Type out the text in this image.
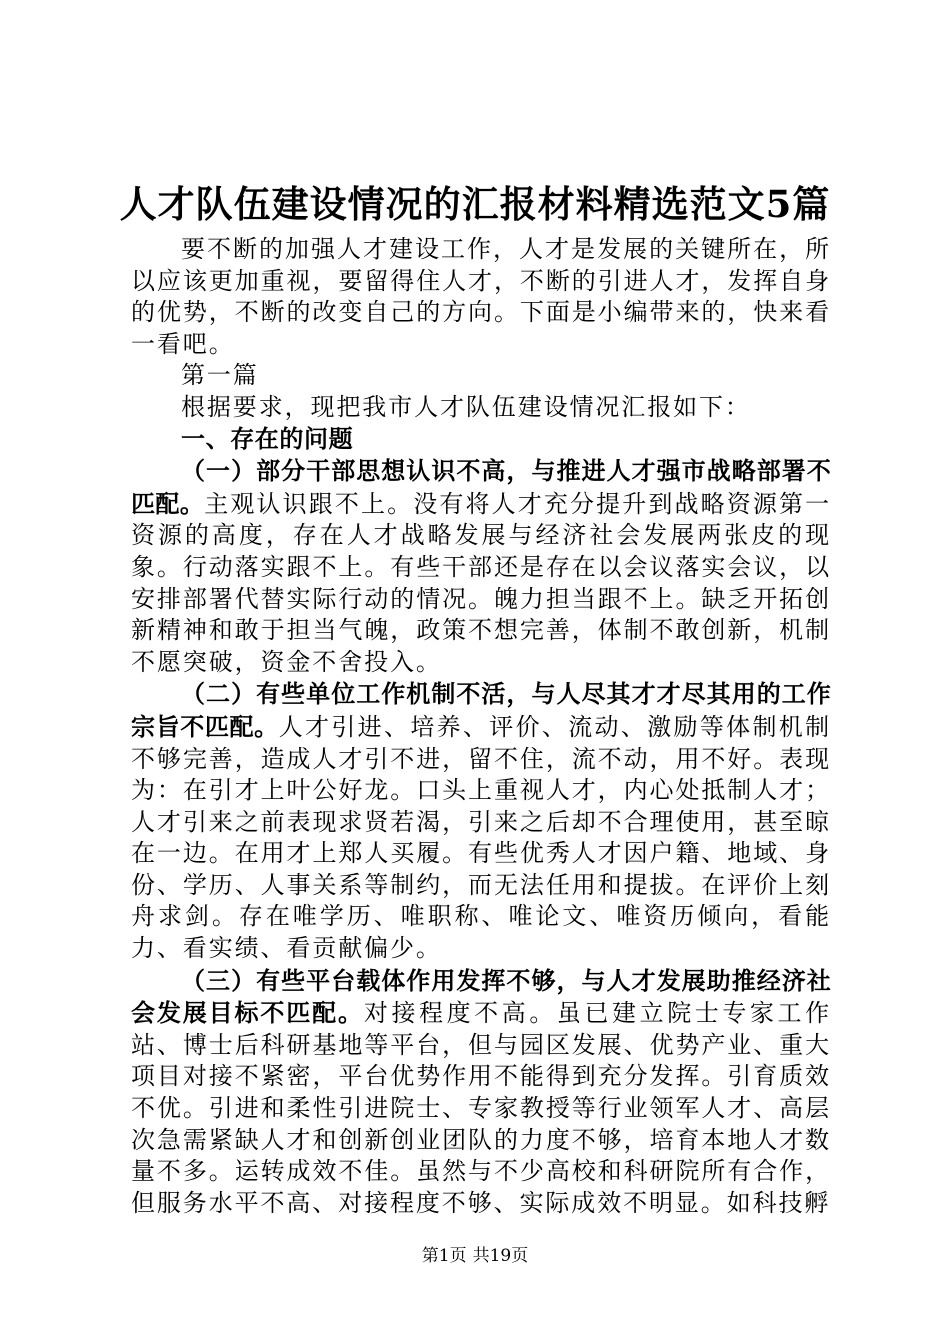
人才队伍建设情况的汇报材料精选范文5篇

要不断的加强人才建设工作，人才是发展的关键所在，所以应该更加重视，要留得住人才，不断的引进人才，发挥自身的优势，不断的改变自己的方向。下面是小编带来的，快来看一看吧。

第一篇

根据要求，现把我市人才队伍建设情况汇报如下：

一、存在的问题

（一）部分干部思想认识不高，与推进人才强市战略部署不匹配。主观认识跟不上。没有将人才充分提升到战略资源第一资源的高度，存在人才战略发展与经济社会发展两张皮的现象。行动落实跟不上。有些干部还是存在以会议落实会议，以安排部署代替实际行动的情况。魄力担当跟不上。缺乏开拓创新精神和敢于担当气魄，政策不想完善，体制不敢创新，机制不愿突破，资金不舍投入。

（二）有些单位工作机制不活，与人尽其才才尽其用的工作宗旨不匹配。人才引进、培养、评价、流动、激励等体制机制不够完善，造成人才引不进，留不住，流不动，用不好。表现为：在引才上叶公好龙。口头上重视人才，内心处抵制人才；人才引来之前表现求贤若渴，引来之后却不合理使用，甚至晾在一边。在用才上郑人买履。有些优秀人才因户籍、地域、身份、学历、人事关系等制约，而无法任用和提拔。在评价上刻舟求剑。存在唯学历、唯职称、唯论文、唯资历倾向，看能力、看实绩、看贡献偏少。

（三）有些平台载体作用发挥不够，与人才发展助推经济社会发展目标不匹配。对接程度不高。虽已建立院士专家工作站、博士后科研基地等平台，但与园区发展、优势产业、重大项目对接不紧密，平台优势作用不能得到充分发挥。引育质效不优。引进和柔性引进院士、专家教授等行业领军人才、高层次急需紧缺人才和创新创业团队的力度不够，培育本地人才数量不多。运转成效不佳。虽然与不少高校和科研院所有合作，但服务水平不高、对接程度不够、实际成效不明显。如科技孵

第1页 共19页
